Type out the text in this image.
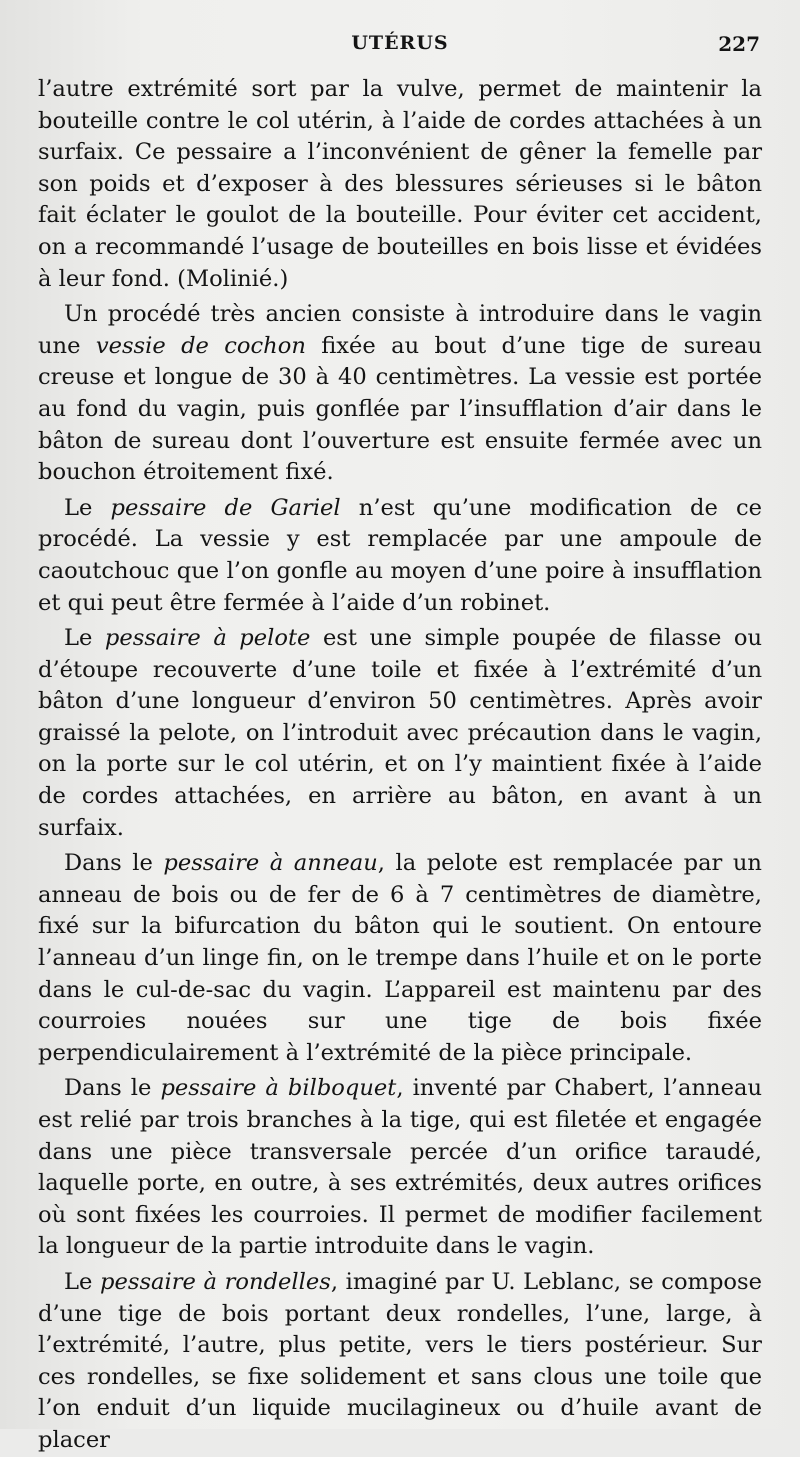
UTÉRUS	227

l’autre extrémité sort par la vulve, permet de maintenir la bouteille contre le col utérin, à l’aide de cordes attachées à un surfaix. Ce pessaire a l’inconvénient de gêner la femelle par son poids et d’exposer à des blessures sérieuses si le bâton fait éclater le goulot de la bouteille. Pour éviter cet accident, on a recommandé l’usage de bouteilles en bois lisse et évidées à leur fond. (Molinié.)

Un procédé très ancien consiste à introduire dans le vagin une vessie de cochon fixée au bout d’une tige de sureau creuse et longue de 30 à 40 centimètres. La vessie est portée au fond du vagin, puis gonflée par l’insufflation d’air dans le bâton de sureau dont l’ouverture est ensuite fermée avec un bouchon étroitement fixé.

Le pessaire de Gariel n’est qu’une modification de ce procédé. La vessie y est remplacée par une ampoule de caoutchouc que l’on gonfle au moyen d’une poire à insufflation et qui peut être fermée à l’aide d’un robinet.

Le pessaire à pelote est une simple poupée de filasse ou d’étoupe recouverte d’une toile et fixée à l’extrémité d’un bâton d’une longueur d’environ 50 centimètres. Après avoir graissé la pelote, on l’introduit avec précaution dans le vagin, on la porte sur le col utérin, et on l’y maintient fixée à l’aide de cordes attachées, en arrière au bâton, en avant à un surfaix.

Dans le pessaire à anneau, la pelote est remplacée par un anneau de bois ou de fer de 6 à 7 centimètres de diamètre, fixé sur la bifurcation du bâton qui le soutient. On entoure l’anneau d’un linge fin, on le trempe dans l’huile et on le porte dans le cul-de-sac du vagin. L’appareil est maintenu par des courroies nouées sur une tige de bois fixée perpendiculairement à l’extrémité de la pièce principale.

Dans le pessaire à bilboquet, inventé par Chabert, l’anneau est relié par trois branches à la tige, qui est filetée et engagée dans une pièce transversale percée d’un orifice taraudé, laquelle porte, en outre, à ses extrémités, deux autres orifices où sont fixées les courroies. Il permet de modifier facilement la longueur de la partie introduite dans le vagin.

Le pessaire à rondelles, imaginé par U. Leblanc, se compose d’une tige de bois portant deux rondelles, l’une, large, à l’extrémité, l’autre, plus petite, vers le tiers postérieur. Sur ces rondelles, se fixe solidement et sans clous une toile que l’on enduit d’un liquide mucilagineux ou d’huile avant de placer
